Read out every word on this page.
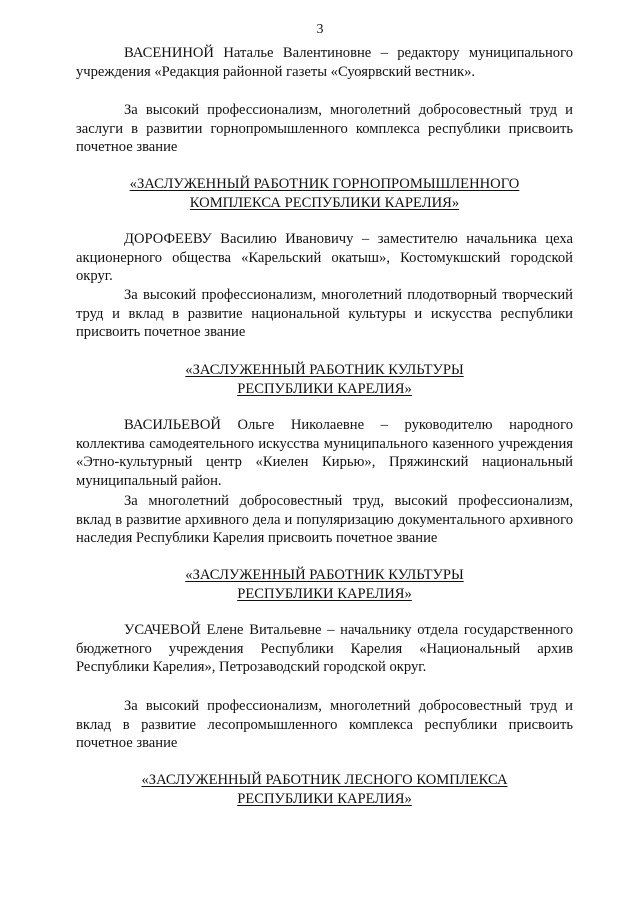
3

ВАСЕНИНОЙ Наталье Валентиновне – редактору муниципального учреждения «Редакция районной газеты «Суоярвский вестник».

За высокий профессионализм, многолетний добросовестный труд и заслуги в развитии горнопромышленного комплекса республики присвоить почетное звание

«ЗАСЛУЖЕННЫЙ РАБОТНИК ГОРНОПРОМЫШЛЕННОГО

КОМПЛЕКСА РЕСПУБЛИКИ КАРЕЛИЯ»

ДОРОФЕЕВУ Василию Ивановичу – заместителю начальника цеха акционерного общества «Карельский окатыш», Костомукшский городской округ.

За высокий профессионализм, многолетний плодотворный творческий труд и вклад в развитие национальной культуры и искусства республики присвоить почетное звание

«ЗАСЛУЖЕННЫЙ РАБОТНИК КУЛЬТУРЫ

РЕСПУБЛИКИ КАРЕЛИЯ»

ВАСИЛЬЕВОЙ Ольге Николаевне – руководителю народного коллектива самодеятельного искусства муниципального казенного учреждения «Этно-культурный центр «Киелен Кирью», Пряжинский национальный муниципальный район.

За многолетний добросовестный труд, высокий профессионализм, вклад в развитие архивного дела и популяризацию документального архивного наследия Республики Карелия присвоить почетное звание

«ЗАСЛУЖЕННЫЙ РАБОТНИК КУЛЬТУРЫ

РЕСПУБЛИКИ КАРЕЛИЯ»

УСАЧЕВОЙ Елене Витальевне – начальнику отдела государственного бюджетного учреждения Республики Карелия «Национальный архив Республики Карелия», Петрозаводский городской округ.

За высокий профессионализм, многолетний добросовестный труд и вклад в развитие лесопромышленного комплекса республики присвоить почетное звание

«ЗАСЛУЖЕННЫЙ РАБОТНИК ЛЕСНОГО КОМПЛЕКСА

РЕСПУБЛИКИ КАРЕЛИЯ»
